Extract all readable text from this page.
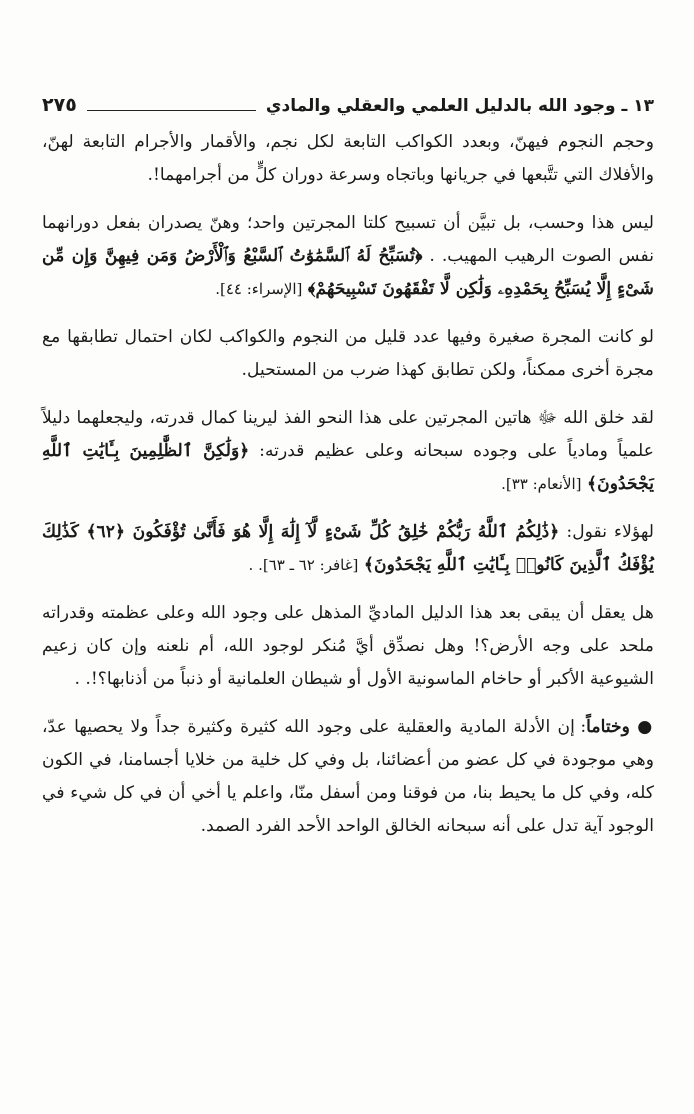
١٣ ـ وجود الله بالدليل العلمي والعقلي والمادي
٢٧٥

وحجم النجوم فيهنّ، وبعدد الكواكب التابعة لكل نجم، والأقمار والأجرام التابعة لهنّ، والأفلاك التي تتَّبعها في جريانها وباتجاه وسرعة دوران كلٍّ من أجرامهما!.

ليس هذا وحسب، بل تبيَّن أن تسبيح كلتا المجرتين واحد؛ وهنّ يصدران بفعل دورانهما نفس الصوت الرهيب المهيب. . ﴿تُسَبِّحُ لَهُ ٱلسَّمَٰوَٰتُ ٱلسَّبْعُ وَٱلْأَرْضُ وَمَن فِيهِنَّ وَإِن مِّن شَىْءٍ إِلَّا يُسَبِّحُ بِحَمْدِهِۦ وَلَٰكِن لَّا تَفْقَهُونَ تَسْبِيحَهُمْ﴾ [الإسراء: ٤٤].

لو كانت المجرة صغيرة وفيها عدد قليل من النجوم والكواكب لكان احتمال تطابقها مع مجرة أخرى ممكناً، ولكن تطابق كهذا ضرب من المستحيل.

لقد خلق الله ﷻ هاتين المجرتين على هذا النحو الفذ ليرينا كمال قدرته، وليجعلهما دليلاً علمياً ومادياً على وجوده سبحانه وعلى عظيم قدرته: ﴿وَلَٰكِنَّ ٱلظَّٰلِمِينَ بِـَٔايَٰتِ ٱللَّهِ يَجْحَدُونَ﴾ [الأنعام: ٣٣].

لهؤلاء نقول: ﴿ذَٰلِكُمُ ٱللَّهُ رَبُّكُمْ خَٰلِقُ كُلِّ شَىْءٍ لَّآ إِلَٰهَ إِلَّا هُوَ فَأَنَّىٰ تُؤْفَكُونَ ﴿٦٢﴾ كَذَٰلِكَ يُؤْفَكُ ٱلَّذِينَ كَانُوا۟ بِـَٔايَٰتِ ٱللَّهِ يَجْحَدُونَ﴾ [غافر: ٦٢ ـ ٦٣]. .

هل يعقل أن يبقى بعد هذا الدليل الماديِّ المذهل على وجود الله وعلى عظمته وقدراته ملحد على وجه الأرض؟! وهل نصدِّق أيَّ مُنكر لوجود الله، أم نلعنه وإن كان زعيم الشيوعية الأكبر أو حاخام الماسونية الأول أو شيطان العلمانية أو ذنباً من أذنابها؟!. .

● وختاماً: إن الأدلة المادية والعقلية على وجود الله كثيرة وكثيرة جداً ولا يحصيها عدّ، وهي موجودة في كل عضو من أعضائنا، بل وفي كل خلية من خلايا أجسامنا، في الكون كله، وفي كل ما يحيط بنا، من فوقنا ومن أسفل منّا، واعلم يا أخي أن في كل شيء في الوجود آية تدل على أنه سبحانه الخالق الواحد الأحد الفرد الصمد.
